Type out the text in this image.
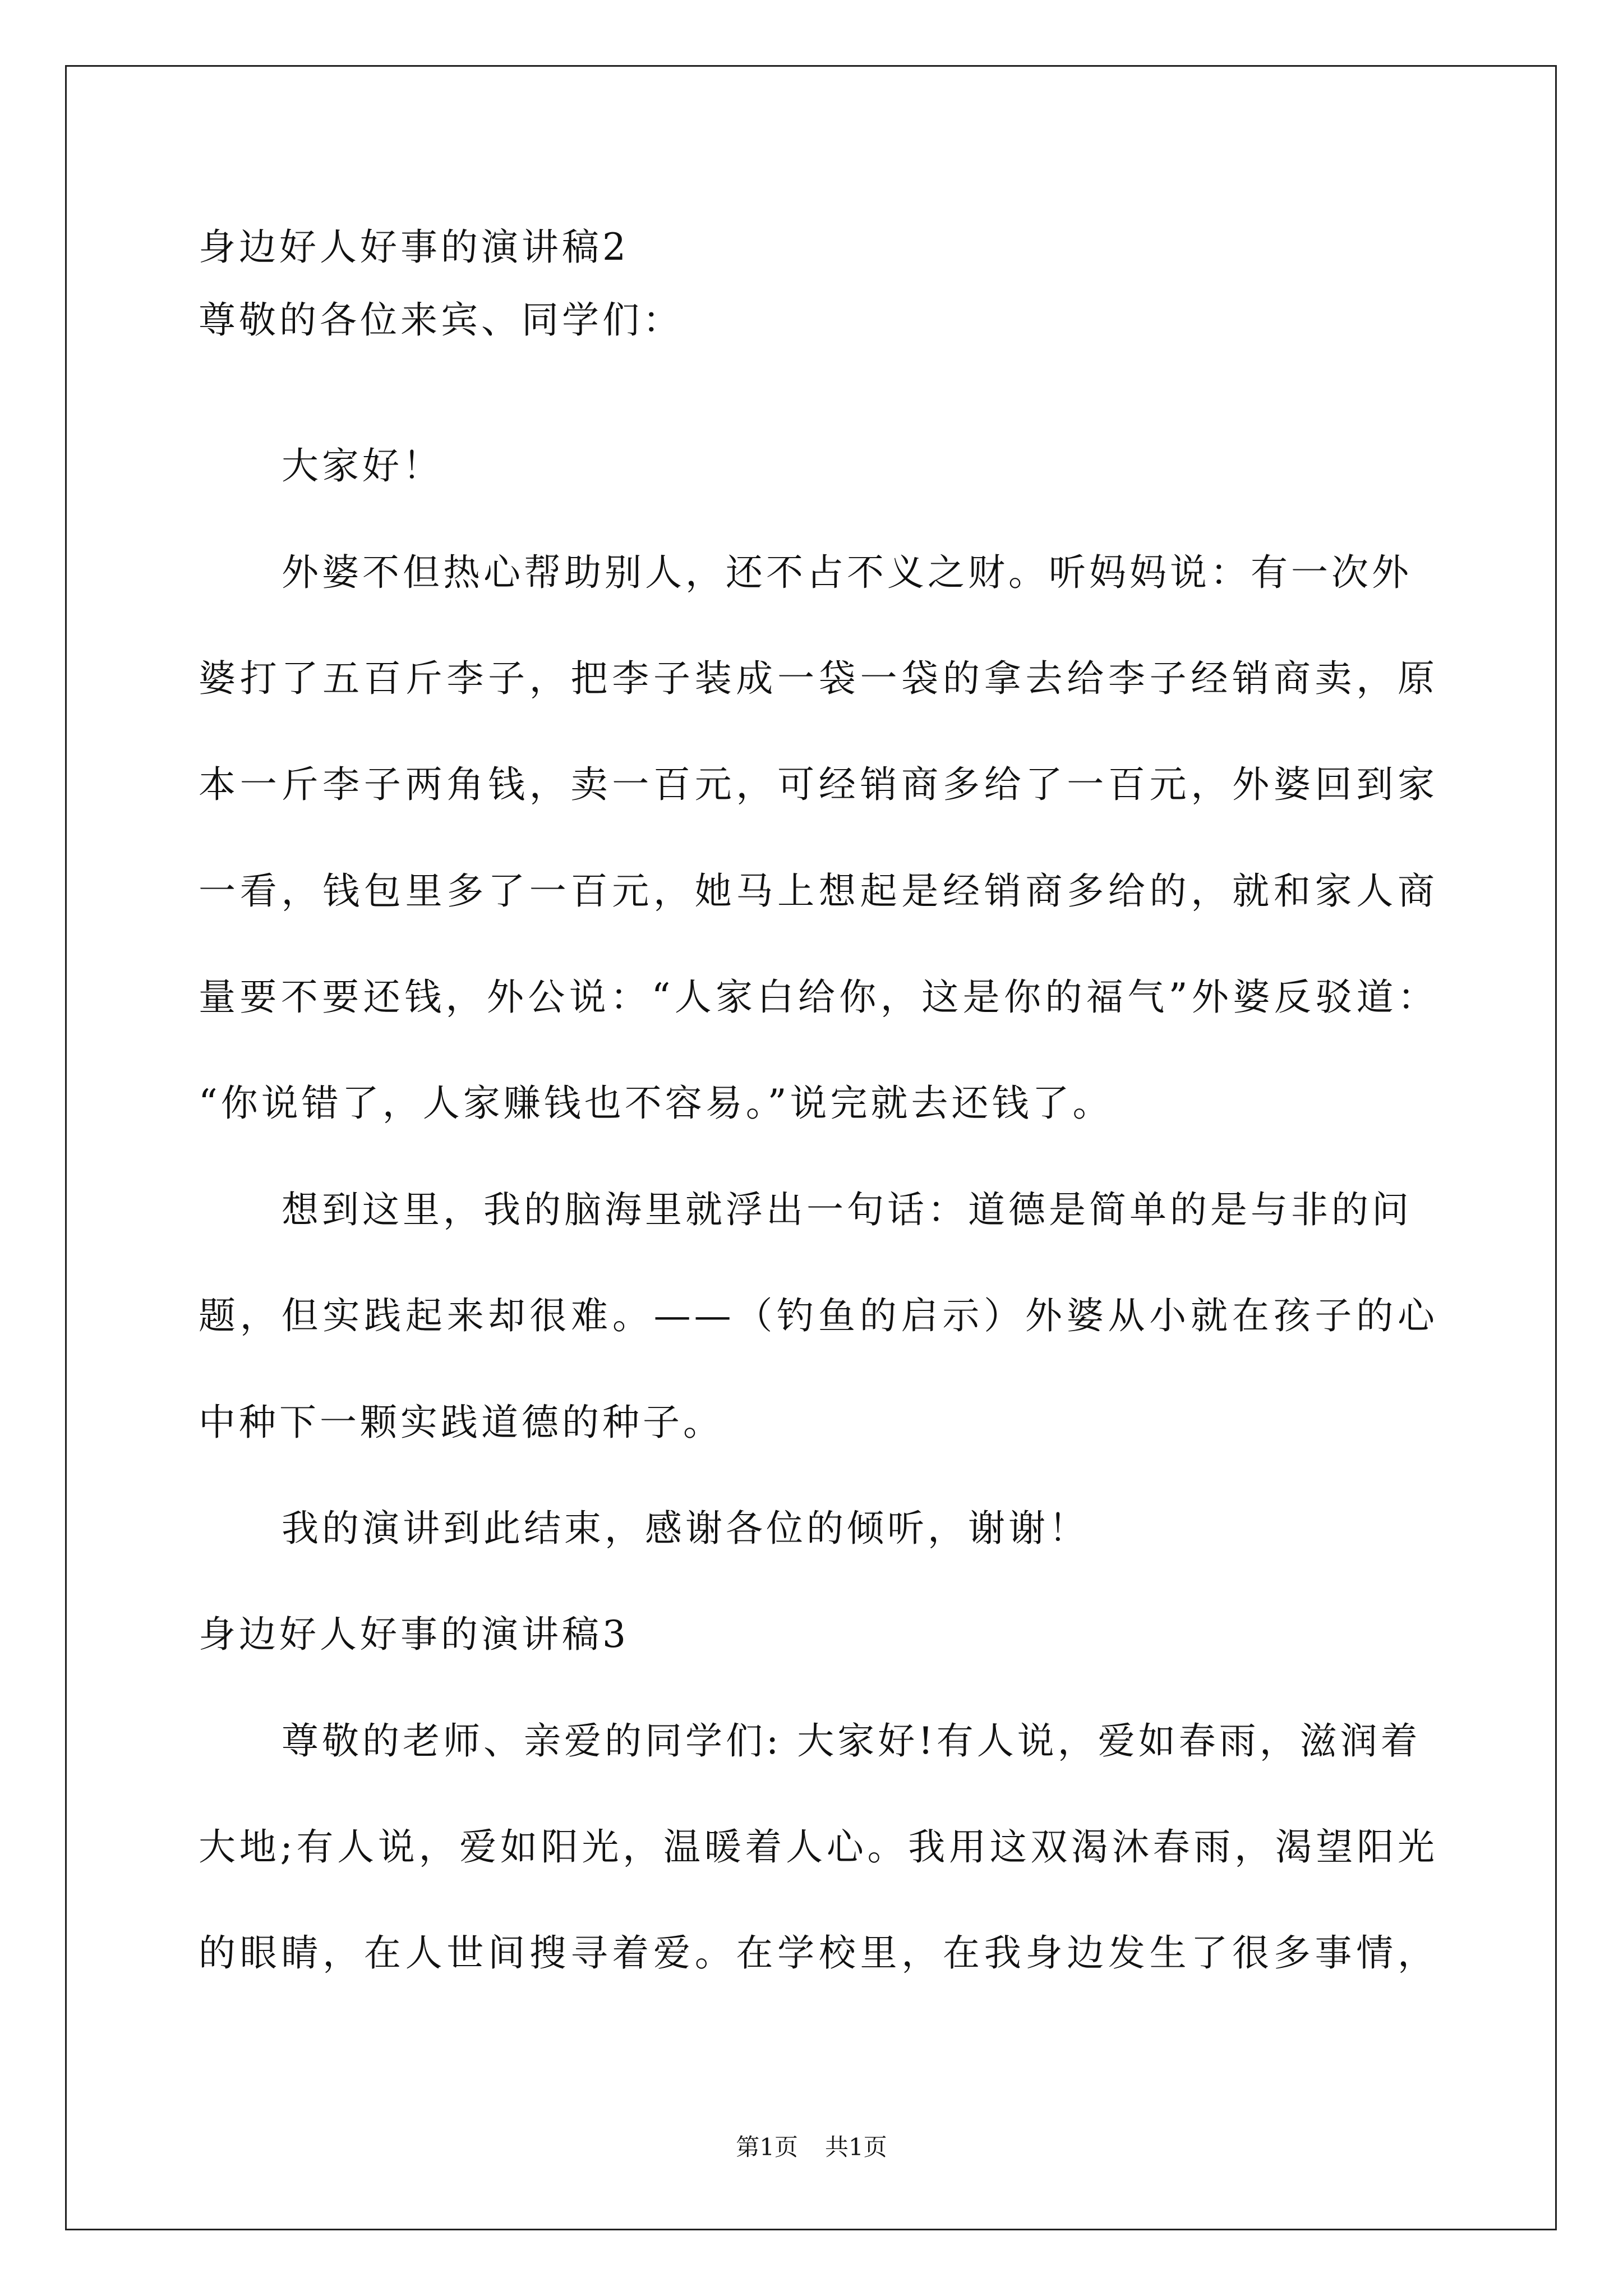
身边好人好事的演讲稿2
尊敬的各位来宾、同学们：
大家好！
外婆不但热心帮助别人，还不占不义之财。听妈妈说：有一次外
婆打了五百斤李子，把李子装成一袋一袋的拿去给李子经销商卖，原
本一斤李子两角钱，卖一百元，可经销商多给了一百元，外婆回到家
一看，钱包里多了一百元，她马上想起是经销商多给的，就和家人商
量要不要还钱，外公说：“人家白给你，这是你的福气”外婆反驳道：
“你说错了，人家赚钱也不容易。”说完就去还钱了。
想到这里，我的脑海里就浮出一句话：道德是简单的是与非的问
题，但实践起来却很难。——（钓鱼的启示）外婆从小就在孩子的心
中种下一颗实践道德的种子。
我的演讲到此结束，感谢各位的倾听，谢谢！
身边好人好事的演讲稿3
尊敬的老师、亲爱的同学们: 大家好!有人说，爱如春雨，滋润着
大地;有人说，爱如阳光，温暖着人心。我用这双渴沐春雨，渴望阳光
的眼睛，在人世间搜寻着爱。在学校里，在我身边发生了很多事情，
第1页 共1页
